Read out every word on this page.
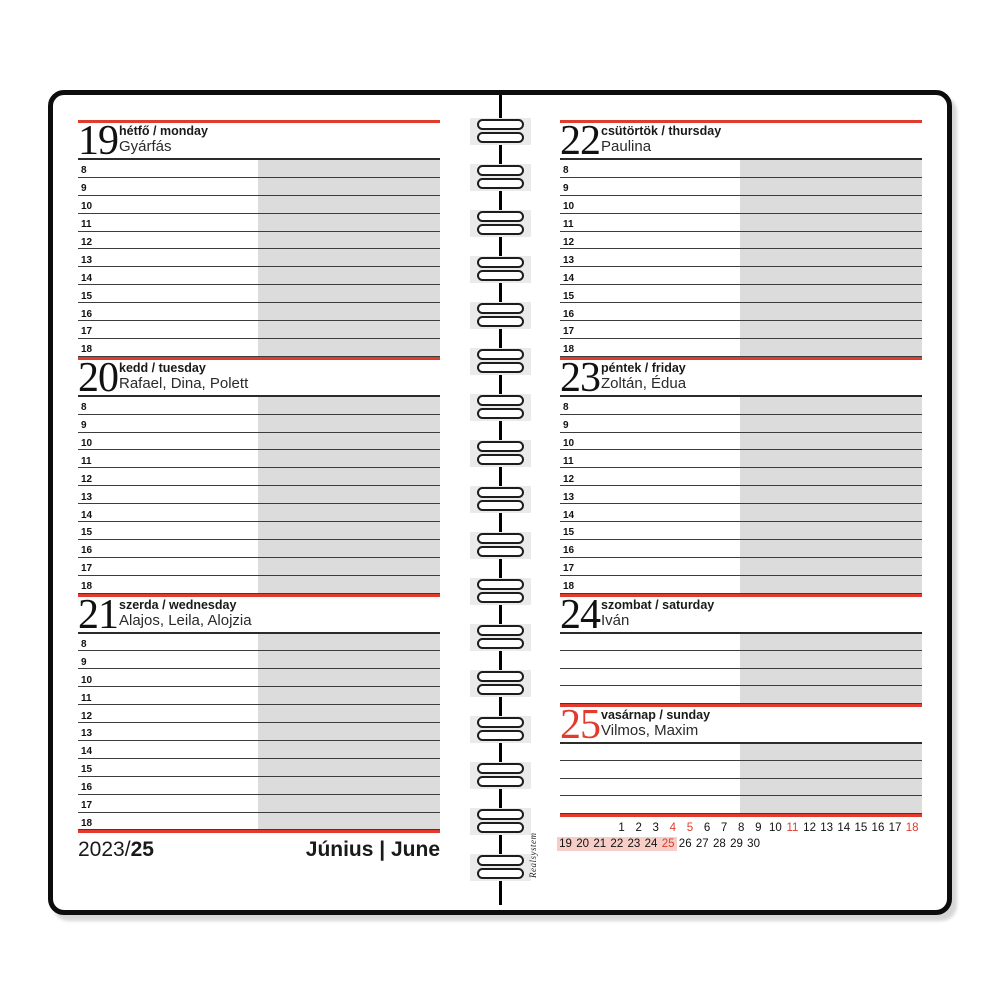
19 hétfő / monday
Gyárfás
8
9
10
11
12
13
14
15
16
17
18
20 kedd / tuesday
Rafael, Dina, Polett
8
9
10
11
12
13
14
15
16
17
18
21 szerda / wednesday
Alajos, Leila, Alojzia
8
9
10
11
12
13
14
15
16
17
18
2023/25	Június | June
22 csütörtök / thursday
Paulina
8
9
10
11
12
13
14
15
16
17
18
23 péntek / friday
Zoltán, Édua
8
9
10
11
12
13
14
15
16
17
18
24 szombat / saturday
Iván
25 vasárnap / sunday
Vilmos, Maxim
1 2 3 4 5 6 7 8 9 10 11 12 13 14 15 16 17 18
19 20 21 22 23 24 25 26 27 28 29 30
Realsystem
